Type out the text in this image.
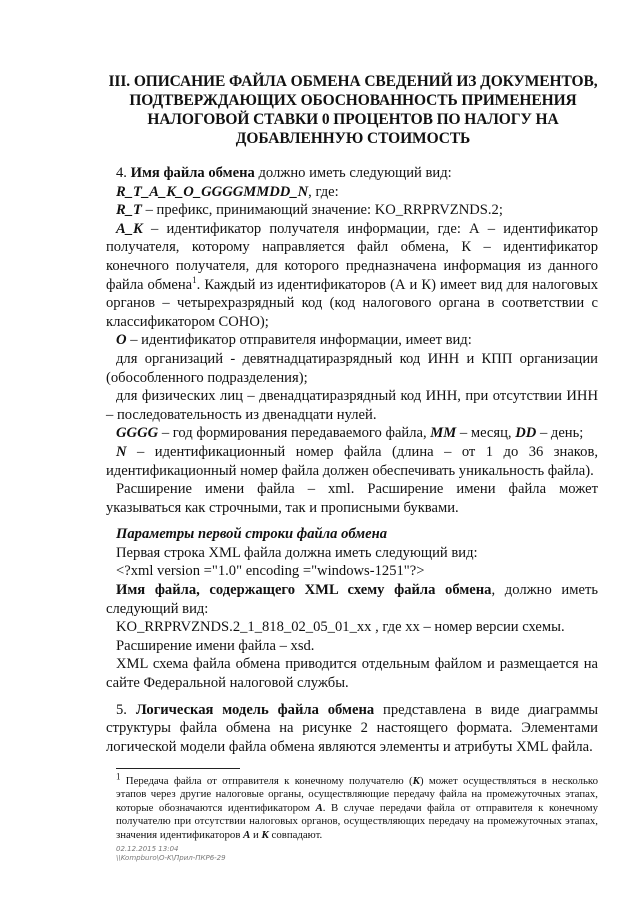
III. ОПИСАНИЕ ФАЙЛА ОБМЕНА СВЕДЕНИЙ ИЗ ДОКУМЕНТОВ,
ПОДТВЕРЖДАЮЩИХ ОБОСНОВАННОСТЬ ПРИМЕНЕНИЯ
НАЛОГОВОЙ СТАВКИ 0 ПРОЦЕНТОВ ПО НАЛОГУ НА
ДОБАВЛЕННУЮ СТОИМОСТЬ

4. Имя файла обмена должно иметь следующий вид:

R_T_A_K_O_GGGGMMDD_N, где:

R_T – префикс, принимающий значение: KO_RRPRVZNDS.2;

A_K – идентификатор получателя информации, где: А – идентификатор получателя, которому направляется файл обмена, К – идентификатор конечного получателя, для которого предназначена информация из данного файла обмена$^1$. Каждый из идентификаторов (А и К) имеет вид для налоговых органов – четырехразрядный код (код налогового органа в соответствии с классификатором СОНО);

O – идентификатор отправителя информации, имеет вид:

для организаций - девятнадцатиразрядный код ИНН и КПП организации (обособленного подразделения);

для физических лиц – двенадцатиразрядный код ИНН, при отсутствии ИНН – последовательность из двенадцати нулей.

GGGG – год формирования передаваемого файла, ММ – месяц, DD – день;

N – идентификационный номер файла (длина – от 1 до 36 знаков, идентификационный номер файла должен обеспечивать уникальность файла).

Расширение имени файла – xml. Расширение имени файла может указываться как строчными, так и прописными буквами.

Параметры первой строки файла обмена

Первая строка XML файла должна иметь следующий вид:

<?xml version ="1.0" encoding ="windows-1251"?>

Имя файла, содержащего XML схему файла обмена, должно иметь следующий вид:

KO_RRPRVZNDS.2_1_818_02_05_01_xx , где хх – номер версии схемы.

Расширение имени файла – xsd.

XML схема файла обмена приводится отдельным файлом и размещается на сайте Федеральной налоговой службы.

5. Логическая модель файла обмена представлена в виде диаграммы структуры файла обмена на рисунке 2 настоящего формата. Элементами логической модели файла обмена являются элементы и атрибуты XML файла.

$^1$ Передача файла от отправителя к конечному получателю (К) может осуществляться в несколько этапов через другие налоговые органы, осуществляющие передачу файла на промежуточных этапах, которые обозначаются идентификатором А. В случае передачи файла от отправителя к конечному получателю при отсутствии налоговых органов, осуществляющих передачу на промежуточных этапах, значения идентификаторов А и К совпадают.
02.12.2015 13:04
\\Kompburo\O-K\Прил-ПКР6-29
